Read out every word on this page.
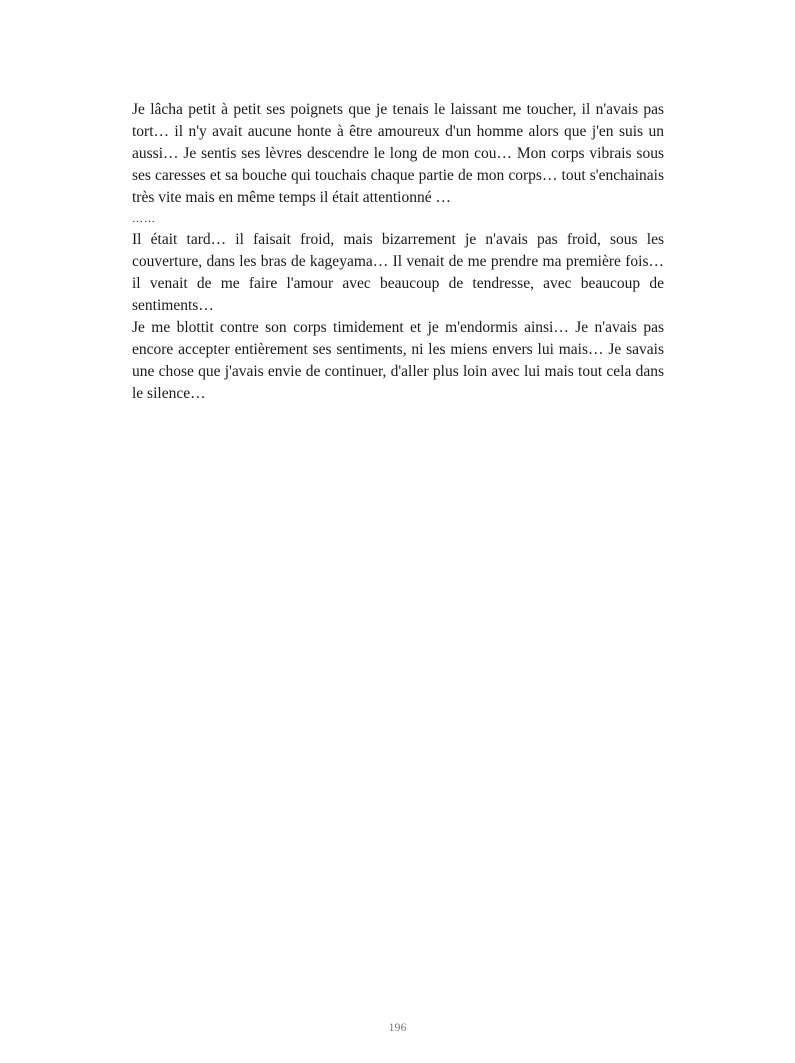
Je lâcha petit à petit ses poignets que je tenais le laissant me toucher, il n'avais pas tort… il n'y avait aucune honte à être amoureux d'un homme alors que j'en suis un aussi… Je sentis ses lèvres descendre le long de mon cou… Mon corps vibrais sous ses caresses et sa bouche qui touchais chaque partie de mon corps… tout s'enchainais très vite mais en même temps il était attentionné …

……

Il était tard… il faisait froid, mais bizarrement je n'avais pas froid, sous les couverture, dans les bras de kageyama… Il venait de me prendre ma première fois… il venait de me faire l'amour avec beaucoup de tendresse, avec beaucoup de sentiments…

Je me blottit contre son corps timidement et je m'endormis ainsi… Je n'avais pas encore accepter entièrement ses sentiments, ni les miens envers lui mais… Je savais une chose que j'avais envie de continuer, d'aller plus loin avec lui mais tout cela dans le silence…

196
